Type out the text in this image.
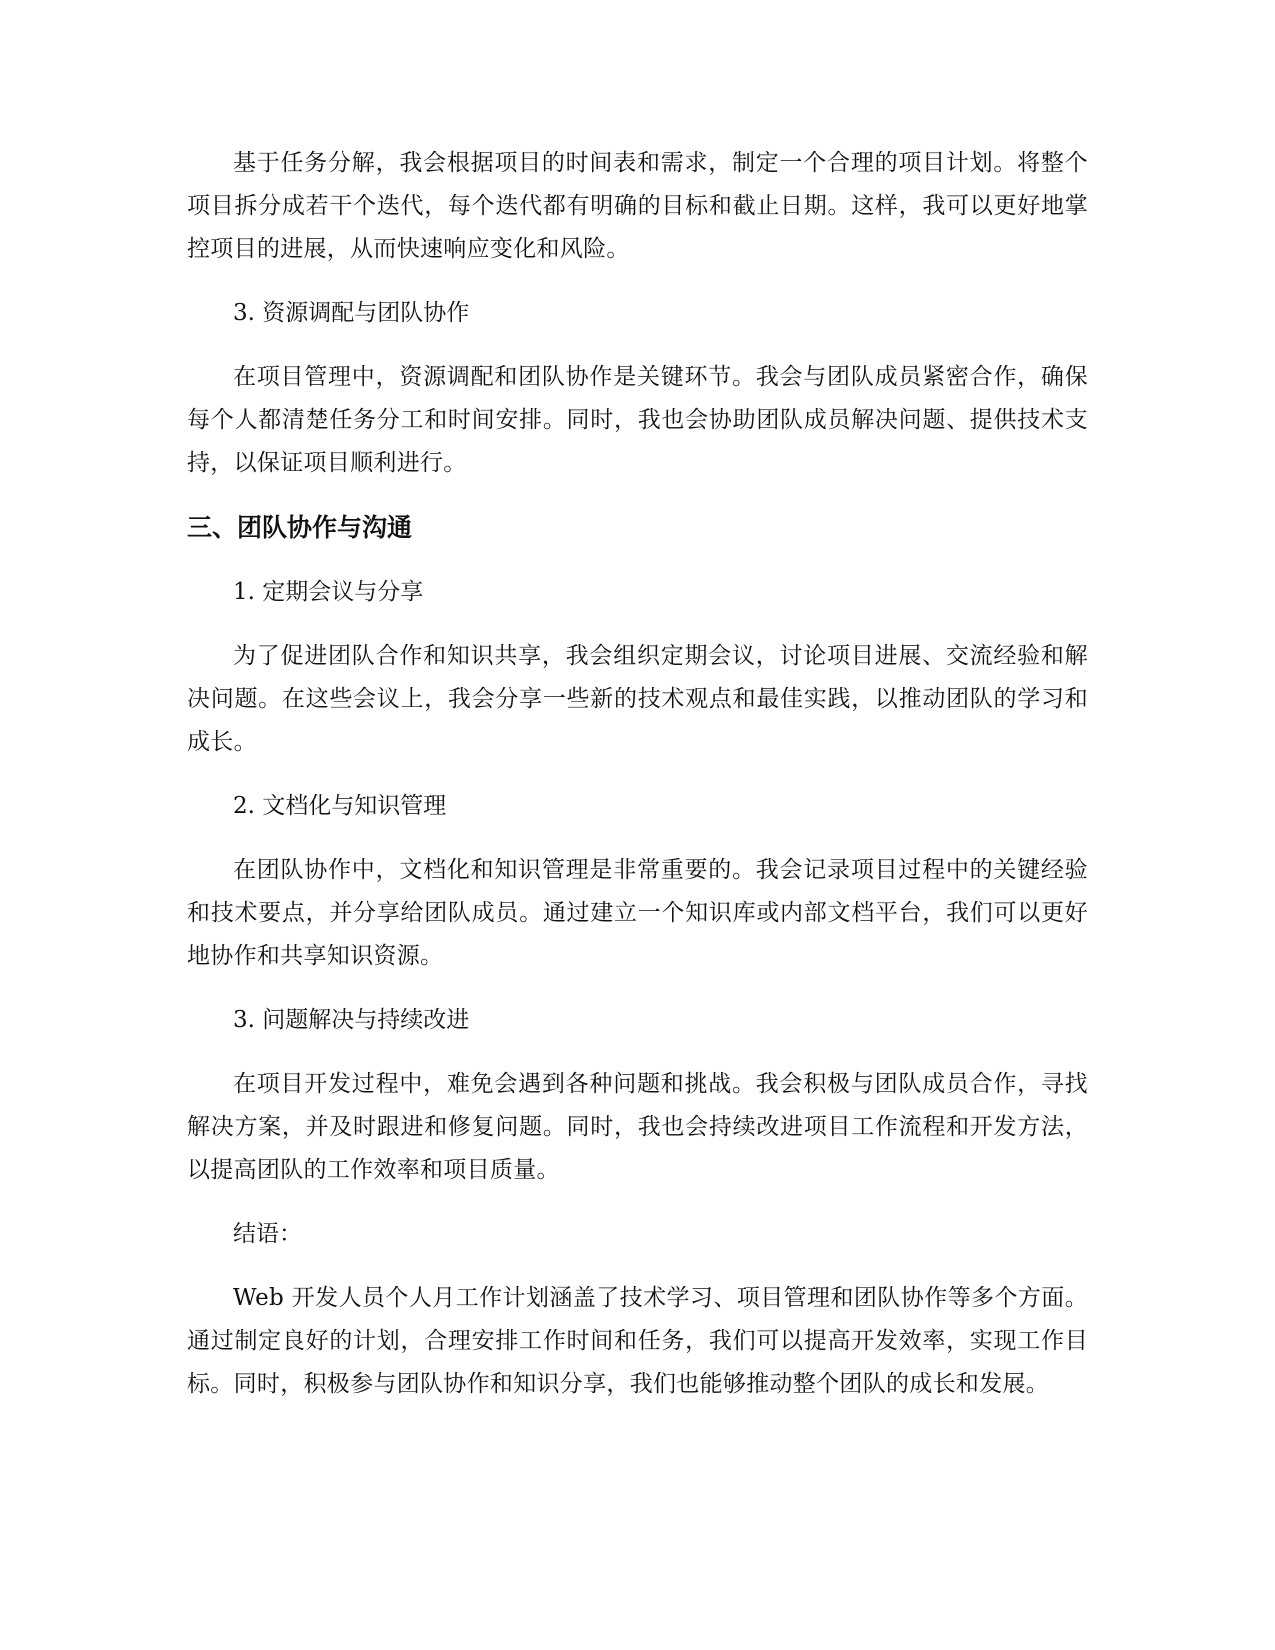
基于任务分解，我会根据项目的时间表和需求，制定一个合理的项目计划。将整个项目拆分成若干个迭代，每个迭代都有明确的目标和截止日期。这样，我可以更好地掌控项目的进展，从而快速响应变化和风险。

3. 资源调配与团队协作

在项目管理中，资源调配和团队协作是关键环节。我会与团队成员紧密合作，确保每个人都清楚任务分工和时间安排。同时，我也会协助团队成员解决问题、提供技术支持，以保证项目顺利进行。

三、团队协作与沟通

1. 定期会议与分享

为了促进团队合作和知识共享，我会组织定期会议，讨论项目进展、交流经验和解决问题。在这些会议上，我会分享一些新的技术观点和最佳实践，以推动团队的学习和成长。

2. 文档化与知识管理

在团队协作中，文档化和知识管理是非常重要的。我会记录项目过程中的关键经验和技术要点，并分享给团队成员。通过建立一个知识库或内部文档平台，我们可以更好地协作和共享知识资源。

3. 问题解决与持续改进

在项目开发过程中，难免会遇到各种问题和挑战。我会积极与团队成员合作，寻找解决方案，并及时跟进和修复问题。同时，我也会持续改进项目工作流程和开发方法，以提高团队的工作效率和项目质量。

结语：

Web 开发人员个人月工作计划涵盖了技术学习、项目管理和团队协作等多个方面。通过制定良好的计划，合理安排工作时间和任务，我们可以提高开发效率，实现工作目标。同时，积极参与团队协作和知识分享，我们也能够推动整个团队的成长和发展。
